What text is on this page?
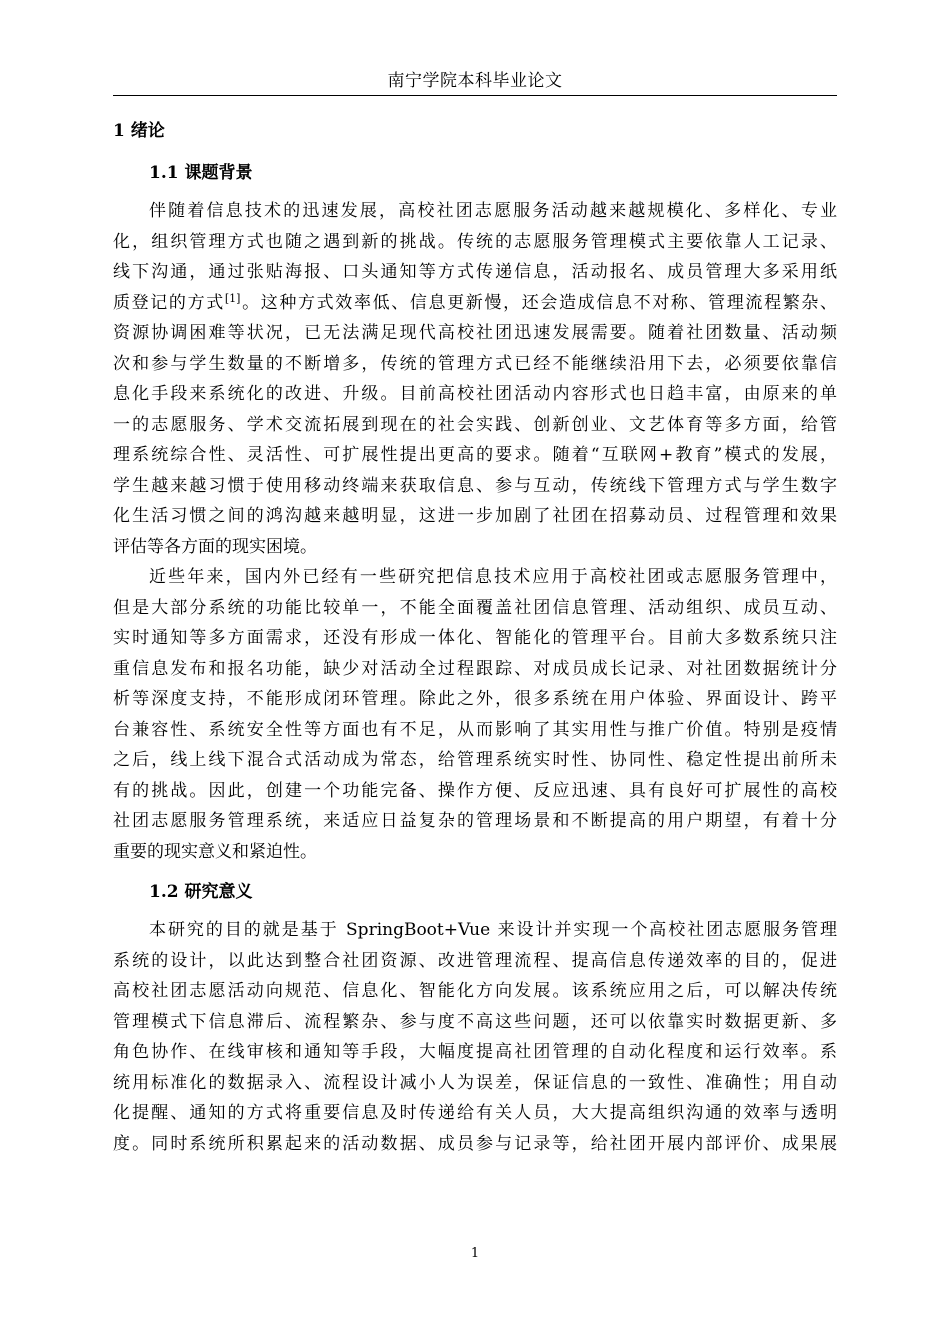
南宁学院本科毕业论文
1 绪论
1.1 课题背景
伴随着信息技术的迅速发展，高校社团志愿服务活动越来越规模化、多样化、专业
化，组织管理方式也随之遇到新的挑战。传统的志愿服务管理模式主要依靠人工记录、
线下沟通，通过张贴海报、口头通知等方式传递信息，活动报名、成员管理大多采用纸
质登记的方式[1]。这种方式效率低、信息更新慢，还会造成信息不对称、管理流程繁杂、
资源协调困难等状况，已无法满足现代高校社团迅速发展需要。随着社团数量、活动频
次和参与学生数量的不断增多，传统的管理方式已经不能继续沿用下去，必须要依靠信
息化手段来系统化的改进、升级。目前高校社团活动内容形式也日趋丰富，由原来的单
一的志愿服务、学术交流拓展到现在的社会实践、创新创业、文艺体育等多方面，给管
理系统综合性、灵活性、可扩展性提出更高的要求。随着“互联网+教育”模式的发展，
学生越来越习惯于使用移动终端来获取信息、参与互动，传统线下管理方式与学生数字
化生活习惯之间的鸿沟越来越明显，这进一步加剧了社团在招募动员、过程管理和效果
评估等各方面的现实困境。
近些年来，国内外已经有一些研究把信息技术应用于高校社团或志愿服务管理中，
但是大部分系统的功能比较单一，不能全面覆盖社团信息管理、活动组织、成员互动、
实时通知等多方面需求，还没有形成一体化、智能化的管理平台。目前大多数系统只注
重信息发布和报名功能，缺少对活动全过程跟踪、对成员成长记录、对社团数据统计分
析等深度支持，不能形成闭环管理。除此之外，很多系统在用户体验、界面设计、跨平
台兼容性、系统安全性等方面也有不足，从而影响了其实用性与推广价值。特别是疫情
之后，线上线下混合式活动成为常态，给管理系统实时性、协同性、稳定性提出前所未
有的挑战。因此，创建一个功能完备、操作方便、反应迅速、具有良好可扩展性的高校
社团志愿服务管理系统，来适应日益复杂的管理场景和不断提高的用户期望，有着十分
重要的现实意义和紧迫性。
1.2 研究意义
本研究的目的就是基于 SpringBoot+Vue 来设计并实现一个高校社团志愿服务管理
系统的设计，以此达到整合社团资源、改进管理流程、提高信息传递效率的目的，促进
高校社团志愿活动向规范、信息化、智能化方向发展。该系统应用之后，可以解决传统
管理模式下信息滞后、流程繁杂、参与度不高这些问题，还可以依靠实时数据更新、多
角色协作、在线审核和通知等手段，大幅度提高社团管理的自动化程度和运行效率。系
统用标准化的数据录入、流程设计减小人为误差，保证信息的一致性、准确性；用自动
化提醒、通知的方式将重要信息及时传递给有关人员，大大提高组织沟通的效率与透明
度。同时系统所积累起来的活动数据、成员参与记录等，给社团开展内部评价、成果展
1
